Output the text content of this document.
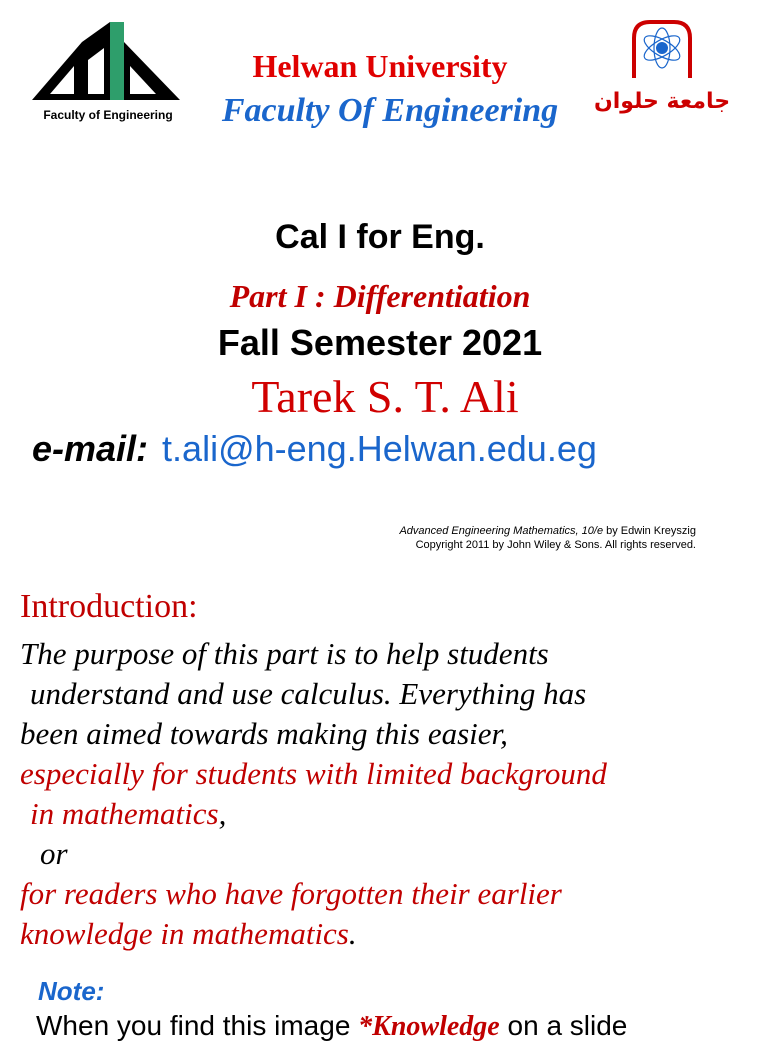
Faculty of Engineering
Helwan University
Faculty Of Engineering	جامعة حلوان
Cal I for Eng.
Part I : Differentiation
Fall Semester 2021
Tarek S. T. Ali
e-mail: t.ali@h-eng.Helwan.edu.eg
Advanced Engineering Mathematics, 10/e by Edwin Kreyszig
Copyright 2011 by John Wiley & Sons. All rights reserved.
Introduction:
The purpose of this part is to help students
understand and use calculus. Everything has
been aimed towards making this easier,
especially for students with limited background
in mathematics,
or
for readers who have forgotten their earlier
knowledge in mathematics.
Note:
When you find this image *Knowledge on a slide
